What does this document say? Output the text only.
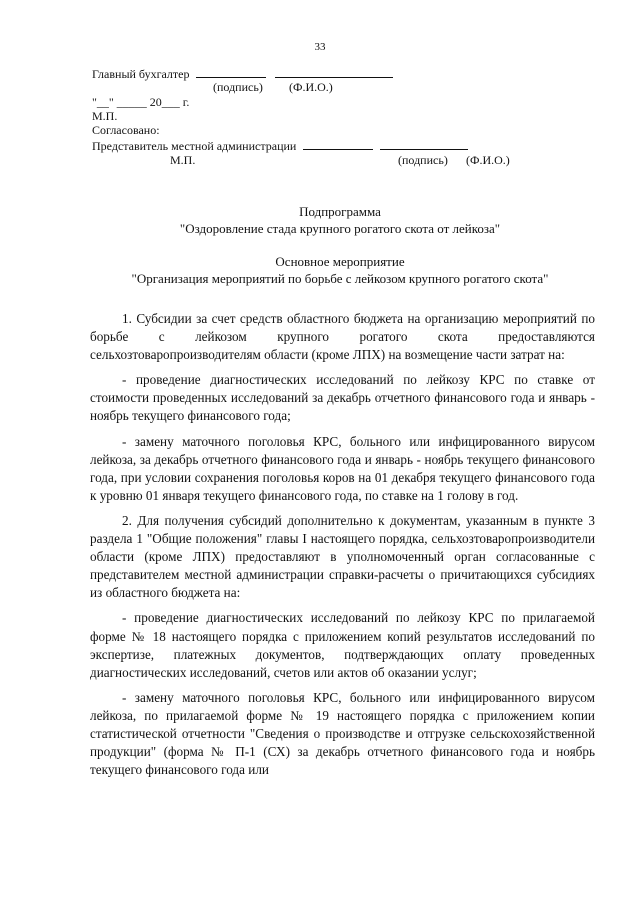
33
Главный бухгалтер
(подпись) (Ф.И.О.)
"__" _____ 20___ г.
М.П.
Согласовано:
Представитель местной администрации
М.П.	(подпись) (Ф.И.О.)
Подпрограмма
"Оздоровление стада крупного рогатого скота от лейкоза"
Основное мероприятие
"Организация мероприятий по борьбе с лейкозом крупного рогатого скота"

1. Субсидии за счет средств областного бюджета на организацию мероприятий по борьбе с лейкозом крупного рогатого скота предоставляются сельхозтоваропроизводителям области (кроме ЛПХ) на возмещение части затрат на:

- проведение диагностических исследований по лейкозу КРС по ставке от стоимости проведенных исследований за декабрь отчетного финансового года и январь - ноябрь текущего финансового года;

- замену маточного поголовья КРС, больного или инфицированного вирусом лейкоза, за декабрь отчетного финансового года и январь - ноябрь текущего финансового года, при условии сохранения поголовья коров на 01 декабря текущего финансового года к уровню 01 января текущего финансового года, по ставке на 1 голову в год.

2. Для получения субсидий дополнительно к документам, указанным в пункте 3 раздела 1 "Общие положения" главы I настоящего порядка, сельхозтоваропроизводители области (кроме ЛПХ) предоставляют в уполномоченный орган согласованные с представителем местной администрации справки-расчеты о причитающихся субсидиях из областного бюджета на:

- проведение диагностических исследований по лейкозу КРС по прилагаемой форме № 18 настоящего порядка с приложением копий результатов исследований по экспертизе, платежных документов, подтверждающих оплату проведенных диагностических исследований, счетов или актов об оказании услуг;

- замену маточного поголовья КРС, больного или инфицированного вирусом лейкоза, по прилагаемой форме № 19 настоящего порядка с приложением копии статистической отчетности "Сведения о производстве и отгрузке сельскохозяйственной продукции" (форма № П-1 (СХ) за декабрь отчетного финансового года и ноябрь текущего финансового года или
